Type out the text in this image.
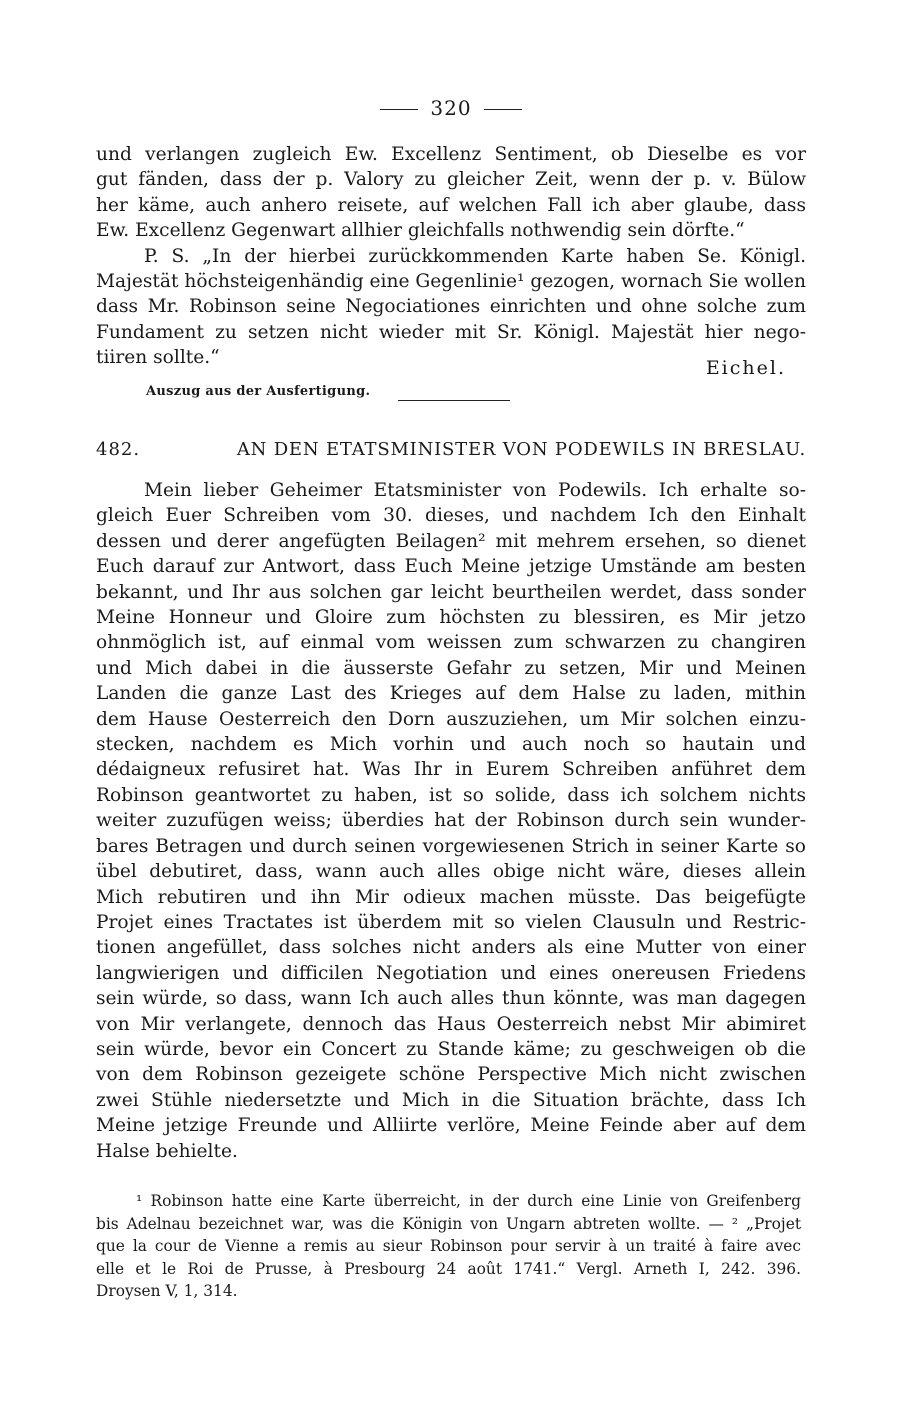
320
und verlangen zugleich Ew. Excellenz Sentiment, ob Dieselbe es vor
gut fänden, dass der p. Valory zu gleicher Zeit, wenn der p. v. Bülow
her käme, auch anhero reisete, auf welchen Fall ich aber glaube, dass
Ew. Excellenz Gegenwart allhier gleichfalls nothwendig sein dörfte.“
P. S. „In der hierbei zurückkommenden Karte haben Se. Königl.
Majestät höchsteigenhändig eine Gegenlinie¹ gezogen, wornach Sie wollen
dass Mr. Robinson seine Negociationes einrichten und ohne solche zum
Fundament zu setzen nicht wieder mit Sr. Königl. Majestät hier nego-
tiiren sollte.“	Eichel.
Auszug aus der Ausfertigung.
482.	AN DEN ETATSMINISTER VON PODEWILS IN BRESLAU.
Mein lieber Geheimer Etatsminister von Podewils. Ich erhalte so-
gleich Euer Schreiben vom 30. dieses, und nachdem Ich den Einhalt
dessen und derer angefügten Beilagen² mit mehrem ersehen, so dienet
Euch darauf zur Antwort, dass Euch Meine jetzige Umstände am besten
bekannt, und Ihr aus solchen gar leicht beurtheilen werdet, dass sonder
Meine Honneur und Gloire zum höchsten zu blessiren, es Mir jetzo
ohnmöglich ist, auf einmal vom weissen zum schwarzen zu changiren
und Mich dabei in die äusserste Gefahr zu setzen, Mir und Meinen
Landen die ganze Last des Krieges auf dem Halse zu laden, mithin
dem Hause Oesterreich den Dorn auszuziehen, um Mir solchen einzu-
stecken, nachdem es Mich vorhin und auch noch so hautain und
dédaigneux refusiret hat. Was Ihr in Eurem Schreiben anführet dem
Robinson geantwortet zu haben, ist so solide, dass ich solchem nichts
weiter zuzufügen weiss; überdies hat der Robinson durch sein wunder-
bares Betragen und durch seinen vorgewiesenen Strich in seiner Karte so
übel debutiret, dass, wann auch alles obige nicht wäre, dieses allein
Mich rebutiren und ihn Mir odieux machen müsste. Das beigefügte
Projet eines Tractates ist überdem mit so vielen Clausuln und Restric-
tionen angefüllet, dass solches nicht anders als eine Mutter von einer
langwierigen und difficilen Negotiation und eines onereusen Friedens
sein würde, so dass, wann Ich auch alles thun könnte, was man dagegen
von Mir verlangete, dennoch das Haus Oesterreich nebst Mir abimiret
sein würde, bevor ein Concert zu Stande käme; zu geschweigen ob die
von dem Robinson gezeigete schöne Perspective Mich nicht zwischen
zwei Stühle niedersetzte und Mich in die Situation brächte, dass Ich
Meine jetzige Freunde und Alliirte verlöre, Meine Feinde aber auf dem
Halse behielte.
¹ Robinson hatte eine Karte überreicht, in der durch eine Linie von Greifenberg
bis Adelnau bezeichnet war, was die Königin von Ungarn abtreten wollte. — ² „Projet
que la cour de Vienne a remis au sieur Robinson pour servir à un traité à faire avec
elle et le Roi de Prusse, à Presbourg 24 août 1741.“ Vergl. Arneth I, 242. 396.
Droysen V, 1, 314.
